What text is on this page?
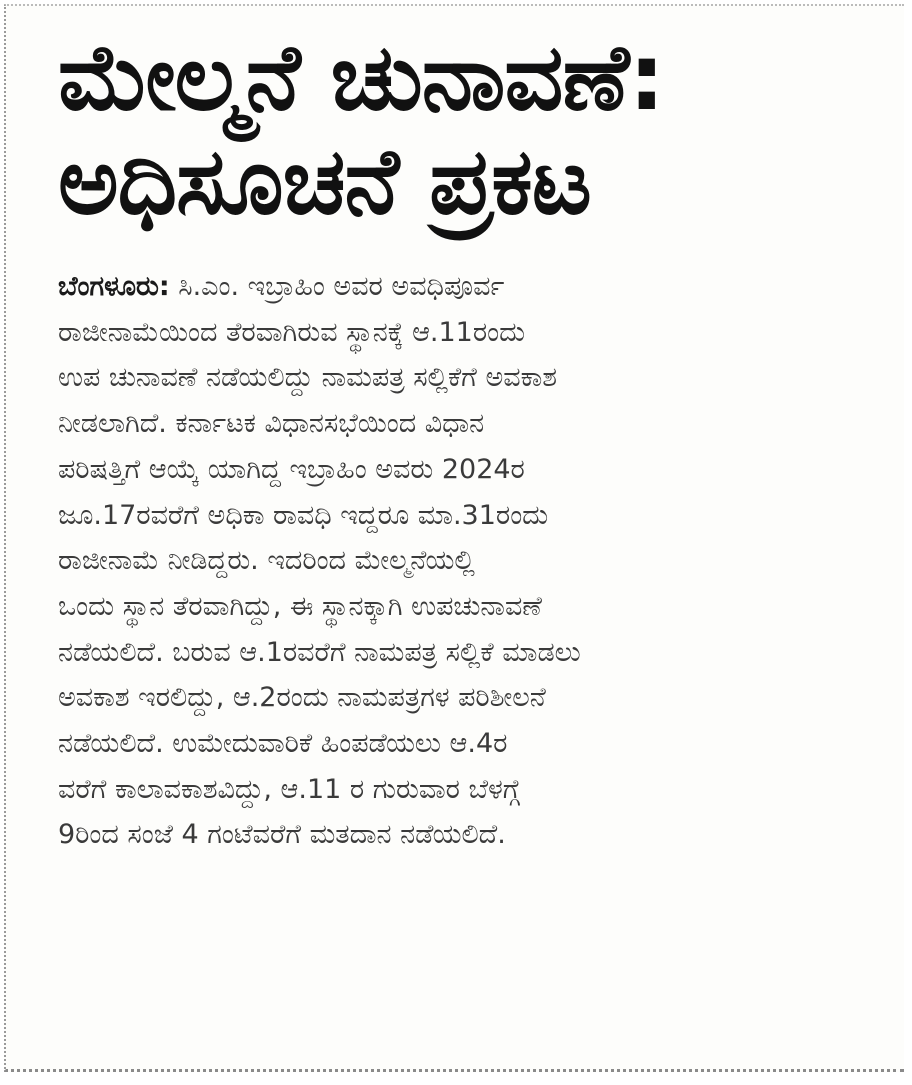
ಮೇಲ್ಮನೆ ಚುನಾವಣೆ:
ಅಧಿಸೂಚನೆ ಪ್ರಕಟ

ಬೆಂಗಳೂರು: ಸಿ.ಎಂ. ಇಬ್ರಾಹಿಂ ಅವರ ಅವಧಿಪೂರ್ವ
ರಾಜೀನಾಮೆಯಿಂದ ತೆರವಾಗಿರುವ ಸ್ಥಾನಕ್ಕೆ ಆ.11ರಂದು
ಉಪ ಚುನಾವಣೆ ನಡೆಯಲಿದ್ದು ನಾಮಪತ್ರ ಸಲ್ಲಿಕೆಗೆ ಅವಕಾಶ
ನೀಡಲಾಗಿದೆ. ಕರ್ನಾಟಕ ವಿಧಾನಸಭೆಯಿಂದ ವಿಧಾನ
ಪರಿಷತ್ತಿಗೆ ಆಯ್ಕೆ ಯಾಗಿದ್ದ ಇಬ್ರಾಹಿಂ ಅವರು 2024ರ
ಜೂ.17ರವರೆಗೆ ಅಧಿಕಾ ರಾವಧಿ ಇದ್ದರೂ ಮಾ.31ರಂದು
ರಾಜೀನಾಮೆ ನೀಡಿದ್ದರು. ಇದರಿಂದ ಮೇಲ್ಮನೆಯಲ್ಲಿ
ಒಂದು ಸ್ಥಾನ ತೆರವಾಗಿದ್ದು, ಈ ಸ್ಥಾನಕ್ಕಾಗಿ ಉಪಚುನಾವಣೆ
ನಡೆಯಲಿದೆ. ಬರುವ ಆ.1ರವರೆಗೆ ನಾಮಪತ್ರ ಸಲ್ಲಿಕೆ ಮಾಡಲು
ಅವಕಾಶ ಇರಲಿದ್ದು, ಆ.2ರಂದು ನಾಮಪತ್ರಗಳ ಪರಿಶೀಲನೆ
ನಡೆಯಲಿದೆ. ಉಮೇದುವಾರಿಕೆ ಹಿಂಪಡೆಯಲು ಆ.4ರ
ವರೆಗೆ ಕಾಲಾವಕಾಶವಿದ್ದು, ಆ.11 ರ ಗುರುವಾರ ಬೆಳಗ್ಗೆ
9ರಿಂದ ಸಂಜೆ 4 ಗಂಟೆವರೆಗೆ ಮತದಾನ ನಡೆಯಲಿದೆ.
